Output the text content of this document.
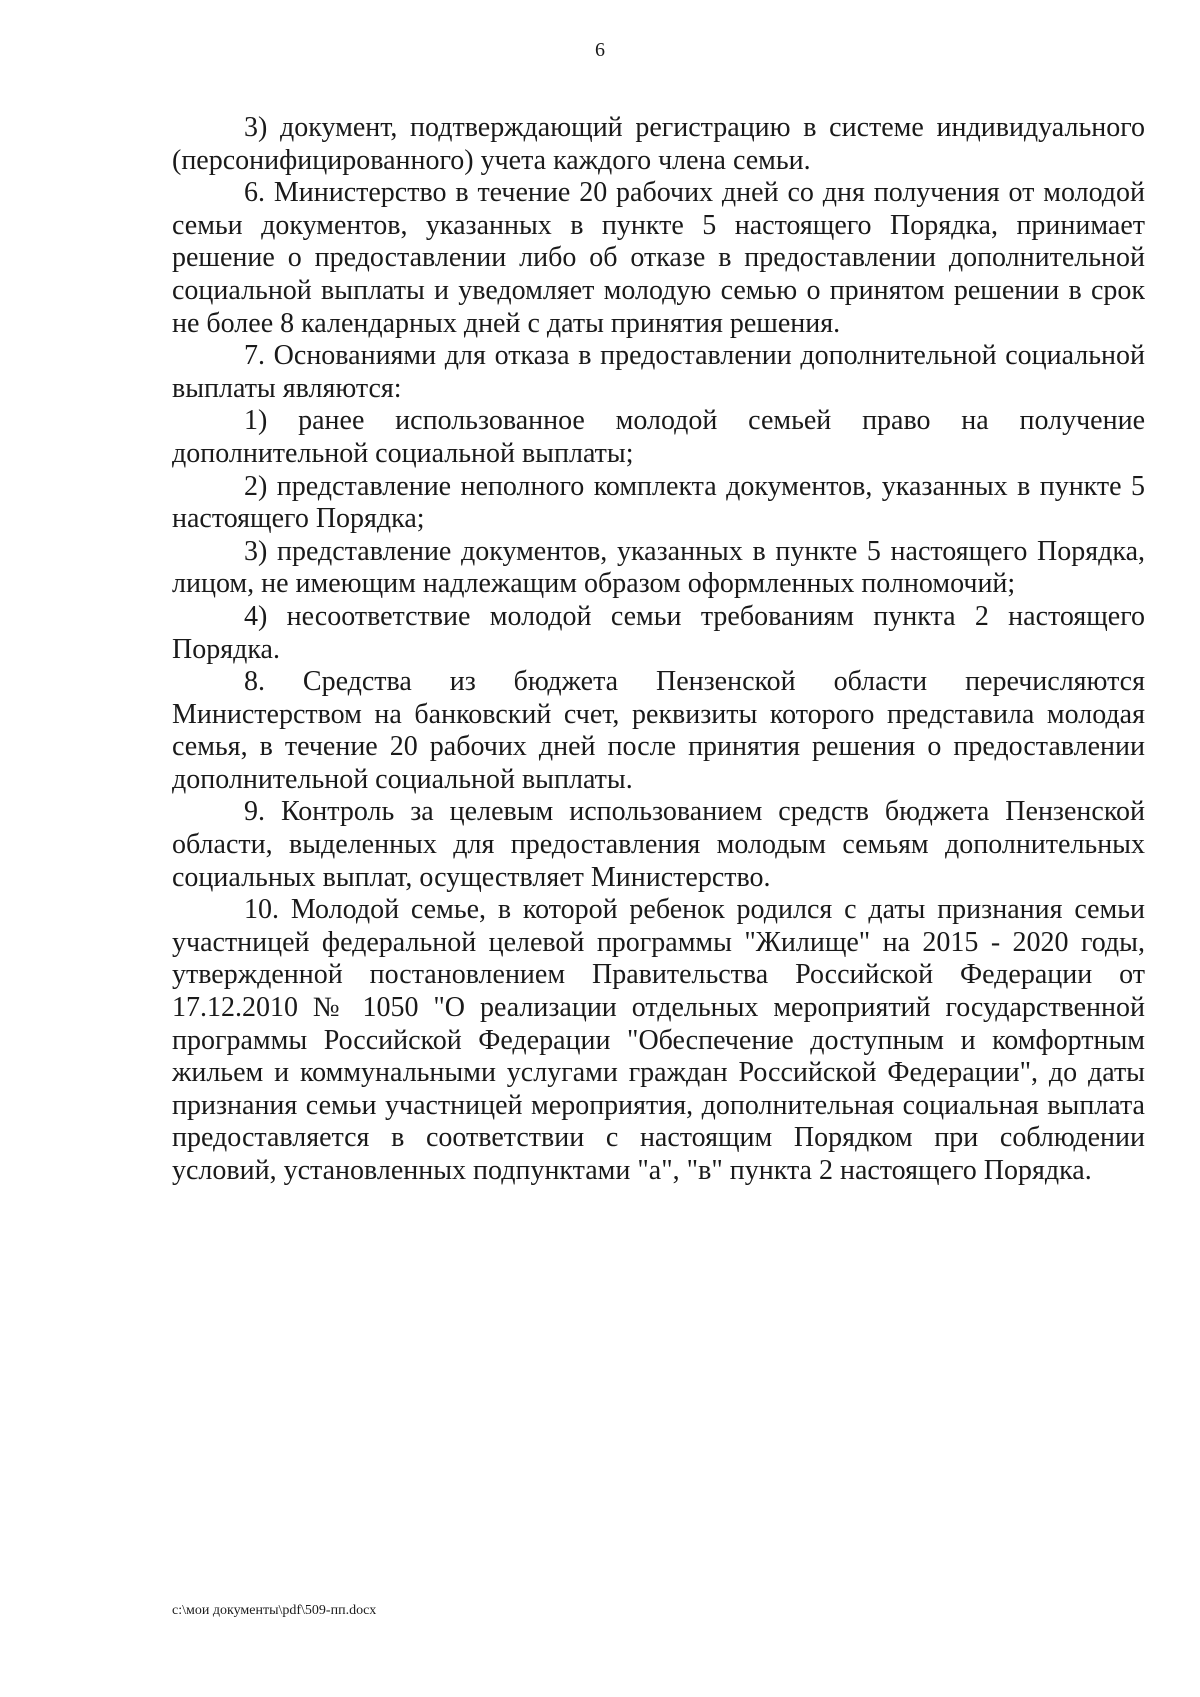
6

3) документ, подтверждающий регистрацию в системе индивидуального (персонифицированного) учета каждого члена семьи.

6. Министерство в течение 20 рабочих дней со дня получения от молодой семьи документов, указанных в пункте 5 настоящего Порядка, принимает решение о предоставлении либо об отказе в предоставлении дополнительной социальной выплаты и уведомляет молодую семью о принятом решении в срок не более 8 календарных дней с даты принятия решения.

7. Основаниями для отказа в предоставлении дополнительной социальной выплаты являются:

1) ранее использованное молодой семьей право на получение дополнительной социальной выплаты;

2) представление неполного комплекта документов, указанных в пункте 5 настоящего Порядка;

3) представление документов, указанных в пункте 5 настоящего Порядка, лицом, не имеющим надлежащим образом оформленных полномочий;

4) несоответствие молодой семьи требованиям пункта 2 настоящего Порядка.

8. Средства из бюджета Пензенской области перечисляются Министерством на банковский счет, реквизиты которого представила молодая семья, в течение 20 рабочих дней после принятия решения о предоставлении дополнительной социальной выплаты.

9. Контроль за целевым использованием средств бюджета Пензенской области, выделенных для предоставления молодым семьям дополнительных социальных выплат, осуществляет Министерство.

10. Молодой семье, в которой ребенок родился с даты признания семьи участницей федеральной целевой программы "Жилище" на 2015 - 2020 годы, утвержденной постановлением Правительства Российской Федерации от 17.12.2010 № 1050 "О реализации отдельных мероприятий государственной программы Российской Федерации "Обеспечение доступным и комфортным жильем и коммунальными услугами граждан Российской Федерации", до даты признания семьи участницей мероприятия, дополнительная социальная выплата предоставляется в соответствии с настоящим Порядком при соблюдении условий, установленных подпунктами "а", "в" пункта 2 настоящего Порядка.

c:\мои документы\pdf\509-пп.docx
